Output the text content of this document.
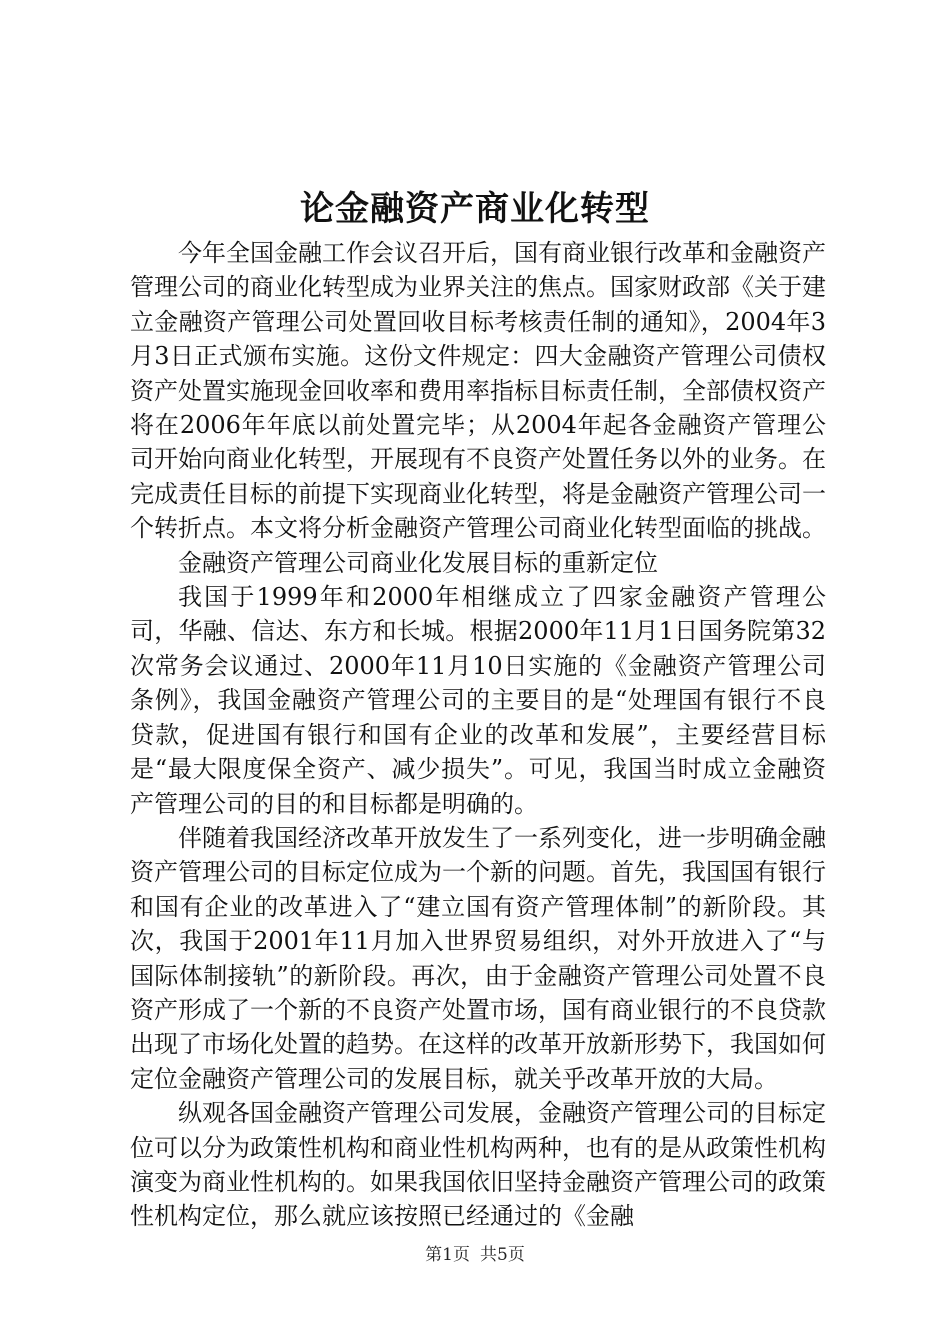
论金融资产商业化转型

今年全国金融工作会议召开后，国有商业银行改革和金融资产管理公司的商业化转型成为业界关注的焦点。国家财政部《关于建立金融资产管理公司处置回收目标考核责任制的通知》，2004年3月3日正式颁布实施。这份文件规定：四大金融资产管理公司债权资产处置实施现金回收率和费用率指标目标责任制，全部债权资产将在2006年年底以前处置完毕；从2004年起各金融资产管理公司开始向商业化转型，开展现有不良资产处置任务以外的业务。在完成责任目标的前提下实现商业化转型，将是金融资产管理公司一个转折点。本文将分析金融资产管理公司商业化转型面临的挑战。

金融资产管理公司商业化发展目标的重新定位

我国于1999年和2000年相继成立了四家金融资产管理公司，华融、信达、东方和长城。根据2000年11月1日国务院第32次常务会议通过、2000年11月10日实施的《金融资产管理公司条例》，我国金融资产管理公司的主要目的是“处理国有银行不良贷款，促进国有银行和国有企业的改革和发展”，主要经营目标是“最大限度保全资产、减少损失”。可见，我国当时成立金融资产管理公司的目的和目标都是明确的。

伴随着我国经济改革开放发生了一系列变化，进一步明确金融资产管理公司的目标定位成为一个新的问题。首先，我国国有银行和国有企业的改革进入了“建立国有资产管理体制”的新阶段。其次，我国于2001年11月加入世界贸易组织，对外开放进入了“与国际体制接轨”的新阶段。再次，由于金融资产管理公司处置不良资产形成了一个新的不良资产处置市场，国有商业银行的不良贷款出现了市场化处置的趋势。在这样的改革开放新形势下，我国如何定位金融资产管理公司的发展目标，就关乎改革开放的大局。

纵观各国金融资产管理公司发展，金融资产管理公司的目标定位可以分为政策性机构和商业性机构两种，也有的是从政策性机构演变为商业性机构的。如果我国依旧坚持金融资产管理公司的政策性机构定位，那么就应该按照已经通过的《金融

第1页 共5页
